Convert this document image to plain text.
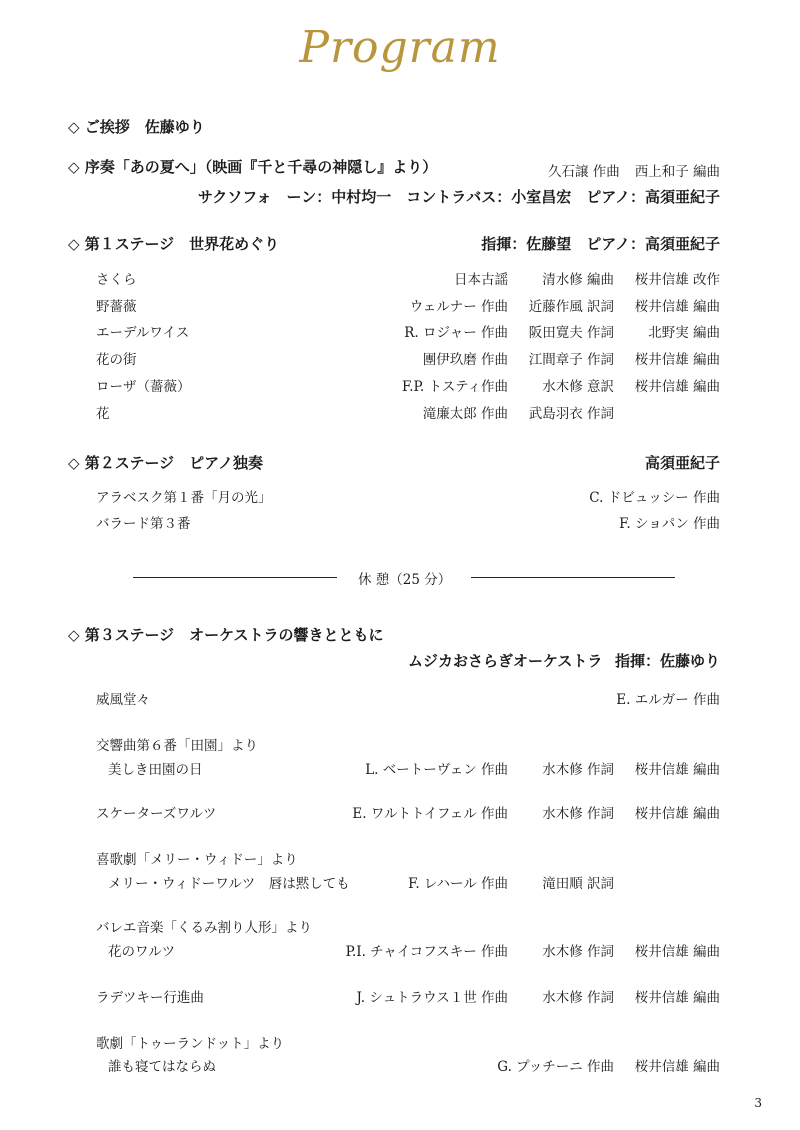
Program
◇ ご挨拶　佐藤ゆり
◇ 序奏「あの夏へ」（映画『千と千尋の神隠し』より）	久石譲 作曲 西上和子 編曲
サクソフォ　ーン：中村均一　コントラバス：小室昌宏　ピアノ：高須亜紀子
◇ 第１ステージ　世界花めぐり	指揮：佐藤望　ピアノ：高須亜紀子
さくら	日本古謡	清水修 編曲 桜井信雄 改作
野薔薇	ウェルナー 作曲 近藤作風 訳詞 桜井信雄 編曲
エーデルワイス	R. ロジャー 作曲 阪田寛夫 作詞	北野実 編曲
花の街	團伊玖磨 作曲 江間章子 作詞 桜井信雄 編曲
ローザ（薔薇）	F.P. トスティ作曲	水木修 意訳 桜井信雄 編曲
花	滝廉太郎 作曲 武島羽衣 作詞
◇ 第２ステージ　ピアノ独奏	高須亜紀子
アラベスク第１番「月の光」	C. ドビュッシー 作曲
バラード第３番	F. ショパン 作曲
休 憩（25 分）
◇ 第３ステージ　オーケストラの響きとともに
ムジカおさらぎオーケストラ 指揮：佐藤ゆり
威風堂々	E. エルガー 作曲
交響曲第６番「田園」より
美しき田園の日	L. ベートーヴェン 作曲	水木修 作詞 桜井信雄 編曲
スケーターズワルツ	E. ワルトトイフェル 作曲	水木修 作詞 桜井信雄 編曲
喜歌劇「メリー・ウィドー」より
メリー・ウィドーワルツ　唇は黙しても	F. レハール 作曲	滝田順 訳詞
バレエ音楽「くるみ割り人形」より
花のワルツ	P.I. チャイコフスキー 作曲	水木修 作詞 桜井信雄 編曲
ラデツキー行進曲	J. シュトラウス１世 作曲	水木修 作詞 桜井信雄 編曲
歌劇「トゥーランドット」より
誰も寝てはならぬ	G. プッチーニ 作曲 桜井信雄 編曲
3
